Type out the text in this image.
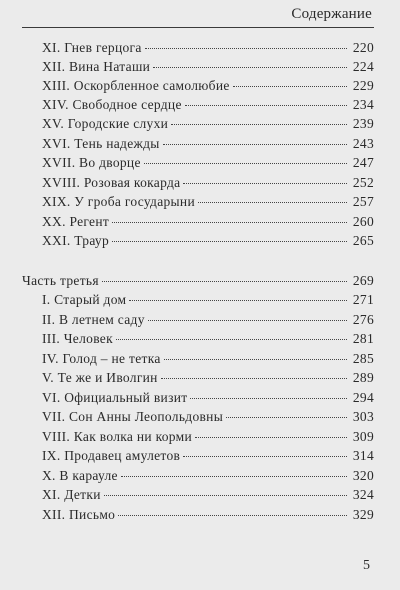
Содержание
XI. Гнев герцога	220
XII. Вина Наташи	224
XIII. Оскорбленное самолюбие	229
XIV. Свободное сердце	234
XV. Городские слухи	239
XVI. Тень надежды	243
XVII. Во дворце	247
XVIII. Розовая кокарда	252
XIX. У гроба государыни	257
XX. Регент	260
XXI. Траур	265
Часть третья	269
I. Старый дом	271
II. В летнем саду	276
III. Человек	281
IV. Голод – не тетка	285
V. Те же и Иволгин	289
VI. Официальный визит	294
VII. Сон Анны Леопольдовны	303
VIII. Как волка ни корми	309
IX. Продавец амулетов	314
X. В карауле	320
XI. Детки	324
XII. Письмо	329
5
